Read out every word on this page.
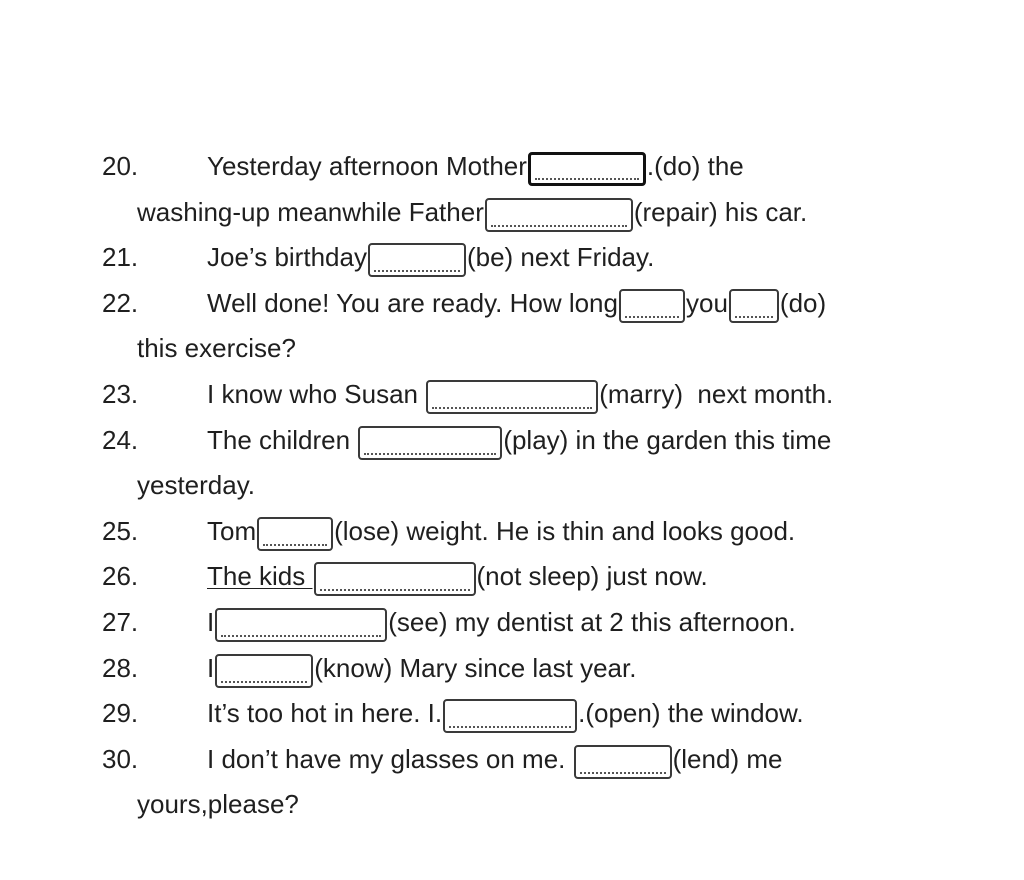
20.	Yesterday afternoon Mother	.(do) the
washing-up meanwhile Father	(repair) his car.
21.	Joe’s birthday	(be) next Friday.
22.	Well done! You are ready. How long	you (do)
this exercise?
23.	I know who Susan	(marry)  next month.
24.	The children	(play) in the garden this time
yesterday.
25.	Tom	(lose) weight. He is thin and looks good.
26.	The kids	(not sleep) just now.
27.	I	(see) my dentist at 2 this afternoon.
28.	I	(know) Mary since last year.
29.	It’s too hot in here. I.	.(open) the window.
30.	I don’t have my glasses on me.	(lend) me
yours,please?
